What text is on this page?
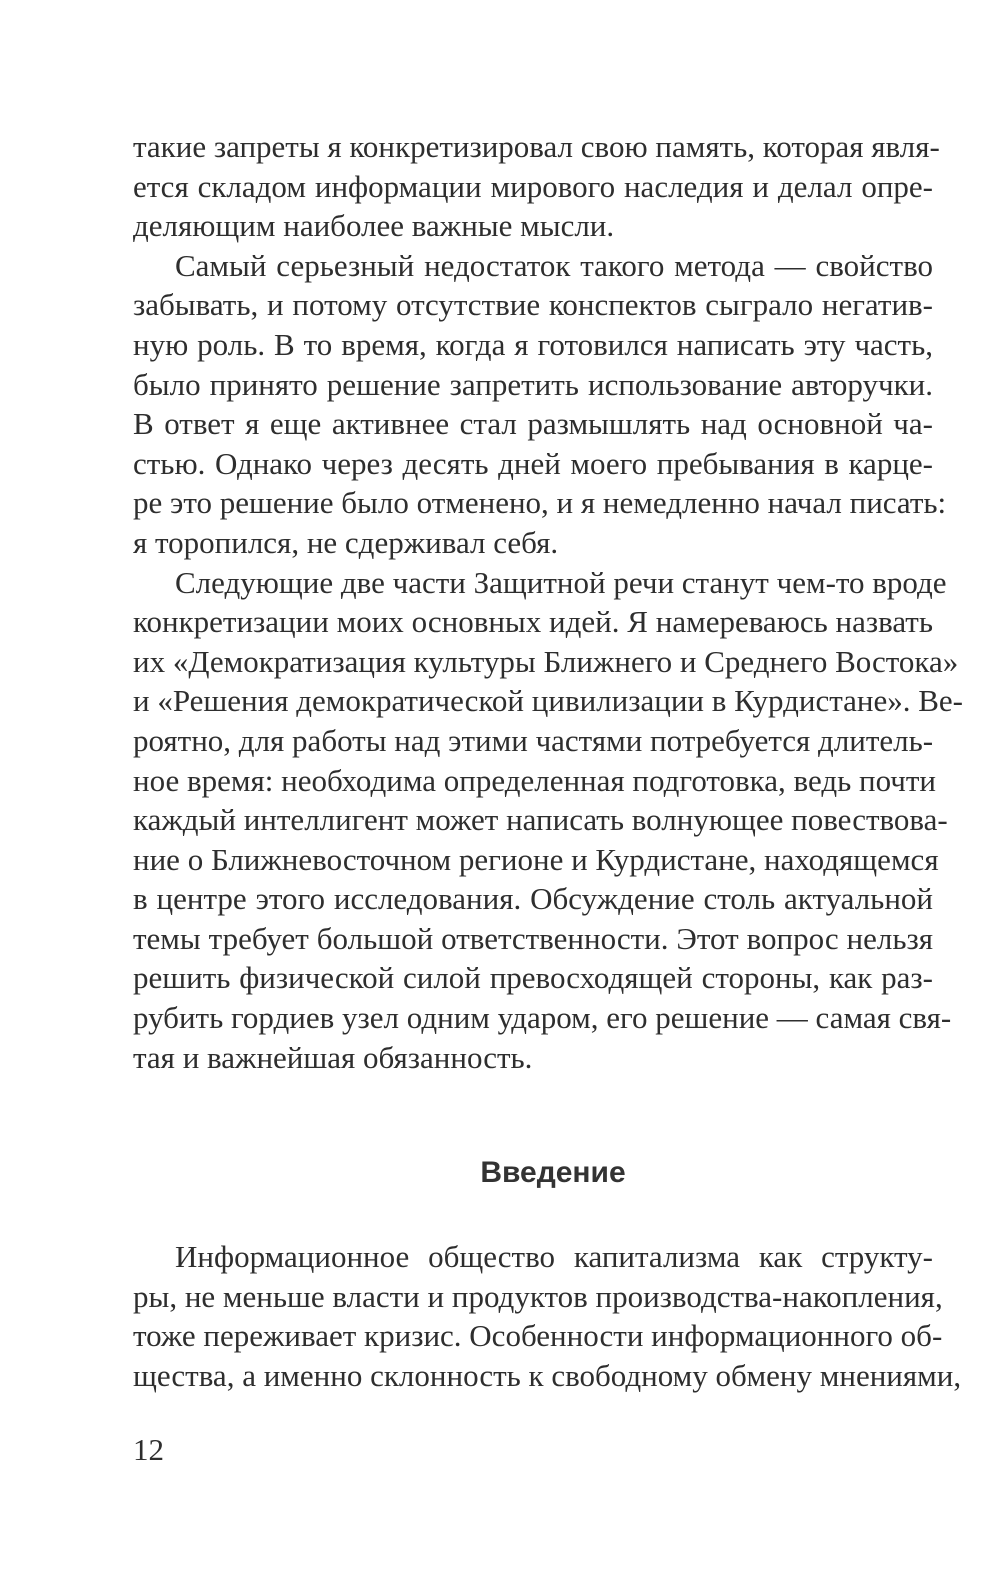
такие запреты я конкретизировал свою память, которая явля-
ется складом информации мирового наследия и делал опре-
деляющим наиболее важные мысли.
Самый серьезный недостаток такого метода — свойство
забывать, и потому отсутствие конспектов сыграло негатив-
ную роль. В то время, когда я готовился написать эту часть,
было принято решение запретить использование авторучки.
В ответ я еще активнее стал размышлять над основной ча-
стью. Однако через десять дней моего пребывания в карце-
ре это решение было отменено, и я немедленно начал писать:
я торопился, не сдерживал себя.
Следующие две части Защитной речи станут чем-то вроде
конкретизации моих основных идей. Я намереваюсь назвать
их «Демократизация культуры Ближнего и Среднего Востока»
и «Решения демократической цивилизации в Курдистане». Ве-
роятно, для работы над этими частями потребуется длитель-
ное время: необходима определенная подготовка, ведь почти
каждый интеллигент может написать волнующее повествова-
ние о Ближневосточном регионе и Курдистане, находящемся
в центре этого исследования. Обсуждение столь актуальной
темы требует большой ответственности. Этот вопрос нельзя
решить физической силой превосходящей стороны, как раз-
рубить гордиев узел одним ударом, его решение — самая свя-
тая и важнейшая обязанность.
Введение
Информационное общество капитализма как структу-
ры, не меньше власти и продуктов производства-накопления,
тоже переживает кризис. Особенности информационного об-
щества, а именно склонность к свободному обмену мнениями,
12
